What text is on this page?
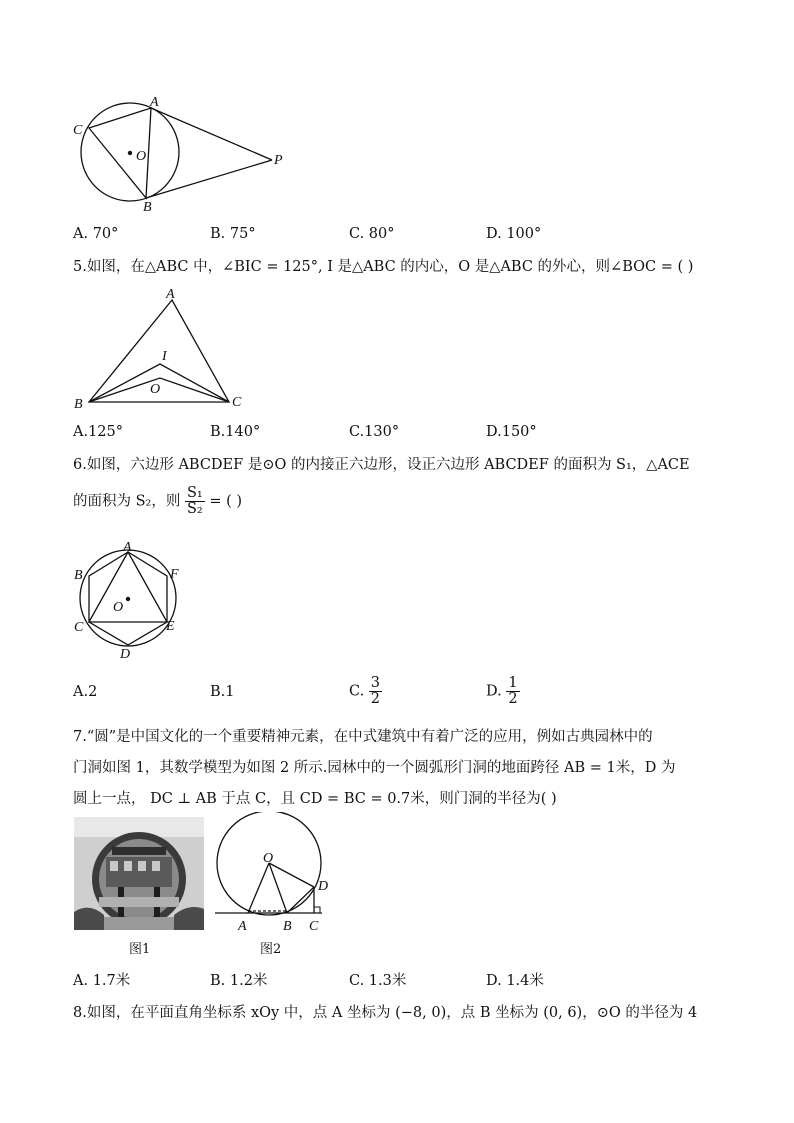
A
C
O	P
B
A. 70°	B. 75°	C. 80°	D. 100°
5.如图，在△ABC 中，∠BIC = 125°, I 是△ABC 的内心，O 是△ABC 的外心，则∠BOC = ( )
A
I
O
B	C
A.125°	B.140°	C.130°	D.150°
6.如图，六边形 ABCDEF 是⊙O 的内接正六边形，设正六边形 ABCDEF 的面积为 S₁，△ACE
的面积为 S₂，则 $\frac{\text{S₁}}{\text{S₂}}$ = ( )
A
B	F
O
C	E
D
A.2	B.1	C. $\frac{3}{2}$	D. $\frac{1}{2}$
7.“圆”是中国文化的一个重要精神元素，在中式建筑中有着广泛的应用，例如古典园林中的
门洞如图 1，其数学模型为如图 2 所示.园林中的一个圆弧形门洞的地面跨径 AB = 1米，D 为
圆上一点， DC ⊥ AB 于点 C，且 CD = BC = 0.7米，则门洞的半径为( )
图1
O
D
A	B C
图2
A. 1.7米	B. 1.2米	C. 1.3米	D. 1.4米
8.如图，在平面直角坐标系 xOy 中，点 A 坐标为 (−8, 0)，点 B 坐标为 (0, 6)，⊙O 的半径为 4
